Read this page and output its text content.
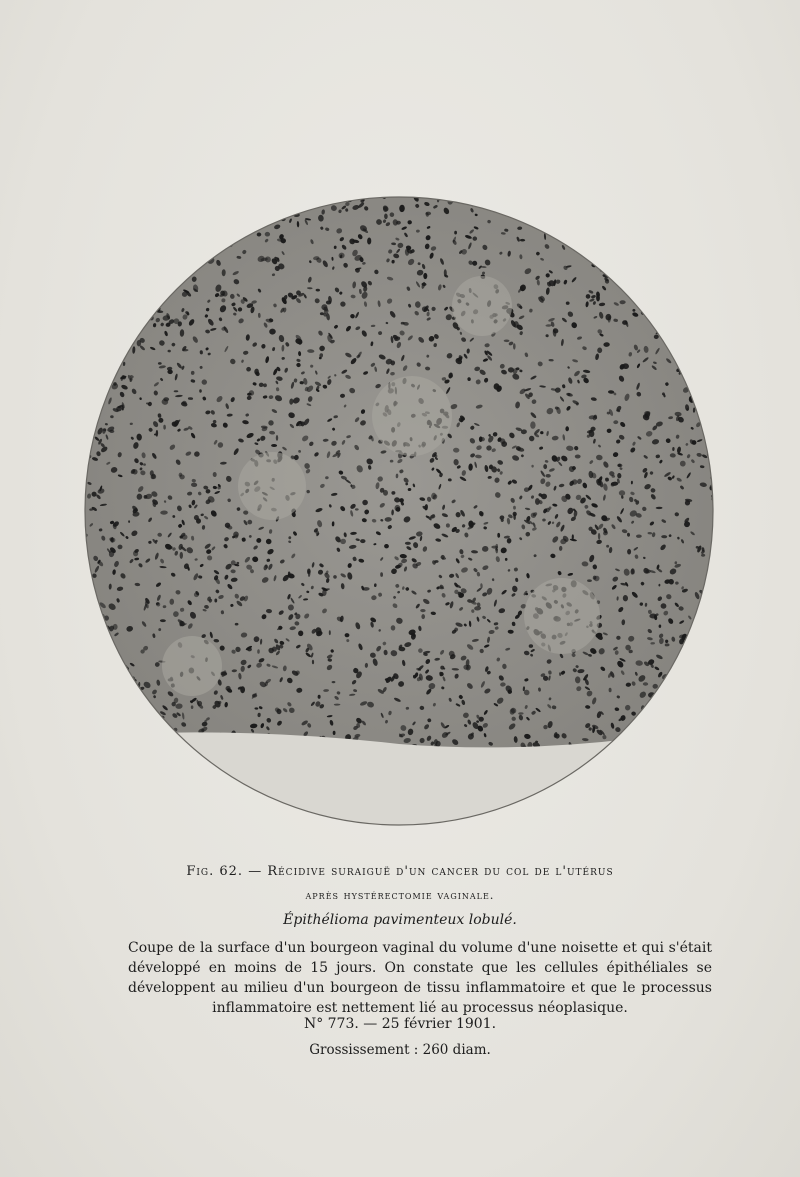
Fig. 62. — Récidive suraiguë d'un cancer du col de l'utérus
après hystérectomie vaginale.
Épithélioma pavimenteux lobulé.
Coupe de la surface d'un bourgeon vaginal du volume d'une noisette et qui s'était développé en moins de 15 jours. On constate que les cellules épithéliales se développent au milieu d'un bourgeon de tissu inflammatoire et que le processus inflammatoire est nettement lié au processus néoplasique.
N° 773. — 25 février 1901.
Grossissement : 260 diam.
